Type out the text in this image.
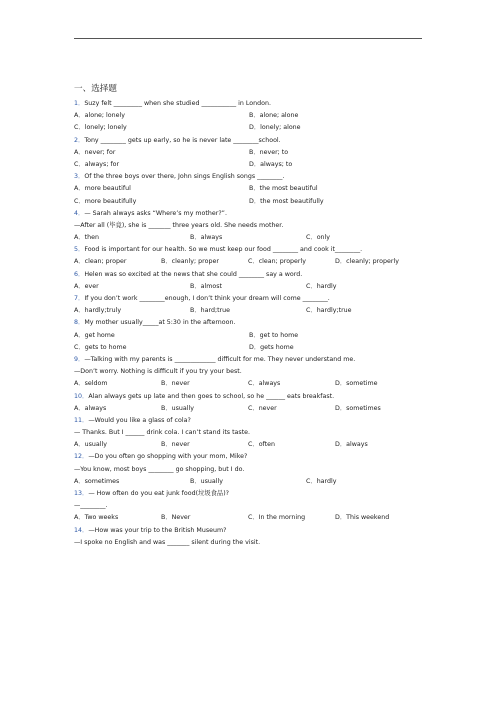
一、选择题
1．Suzy felt _________ when she studied ___________ in London.
A．alone; lonely	B．alone; alone
C．lonely; lonely	D．lonely; alone
2．Tony ________ gets up early, so he is never late ________school.
A．never; for	B．never; to
C．always; for	D．always; to
3．Of the three boys over there, John sings English songs ________.
A．more beautiful	B．the most beautiful
C．more beautifully	D．the most beautifully
4．— Sarah always asks “Where’s my mother?”.
—After all (毕竟), she is _______ three years old. She needs mother.
A．then	B．always	C．only
5．Food is important for our health. So we must keep our food ________ and cook it________.
A．clean; proper	B．cleanly; proper	C．clean; properly	D．cleanly; properly
6．Helen was so excited at the news that she could ________ say a word.
A．ever	B．almost	C．hardly
7．If you don’t work ________enough, I don’t think your dream will come ________.
A．hardly;truly	B．hard;true	C．hardly;true
8．My mother usually_____at 5:30 in the afternoon.
A．get home	B．get to home
C．gets to home	D．gets home
9．—Talking with my parents is _____________ difficult for me. They never understand me.
—Don’t worry. Nothing is difficult if you try your best.
A．seldom	B．never	C．always	D．sometime
10．Alan always gets up late and then goes to school, so he ______ eats breakfast.
A．always	B．usually	C．never	D．sometimes
11．—Would you like a glass of cola?
— Thanks. But I ______ drink cola. I can’t stand its taste.
A．usually	B．never	C．often	D．always
12．—Do you often go shopping with your mom, Mike?
—You know, most boys ________ go shopping, but I do.
A．sometimes	B．usually	C．hardly
13．— How often do you eat junk food(垃圾食品)?
—________.
A．Two weeks	B．Never	C．In the morning	D．This weekend
14．—How was your trip to the British Museum?
—I spoke no English and was _______ silent during the visit.
